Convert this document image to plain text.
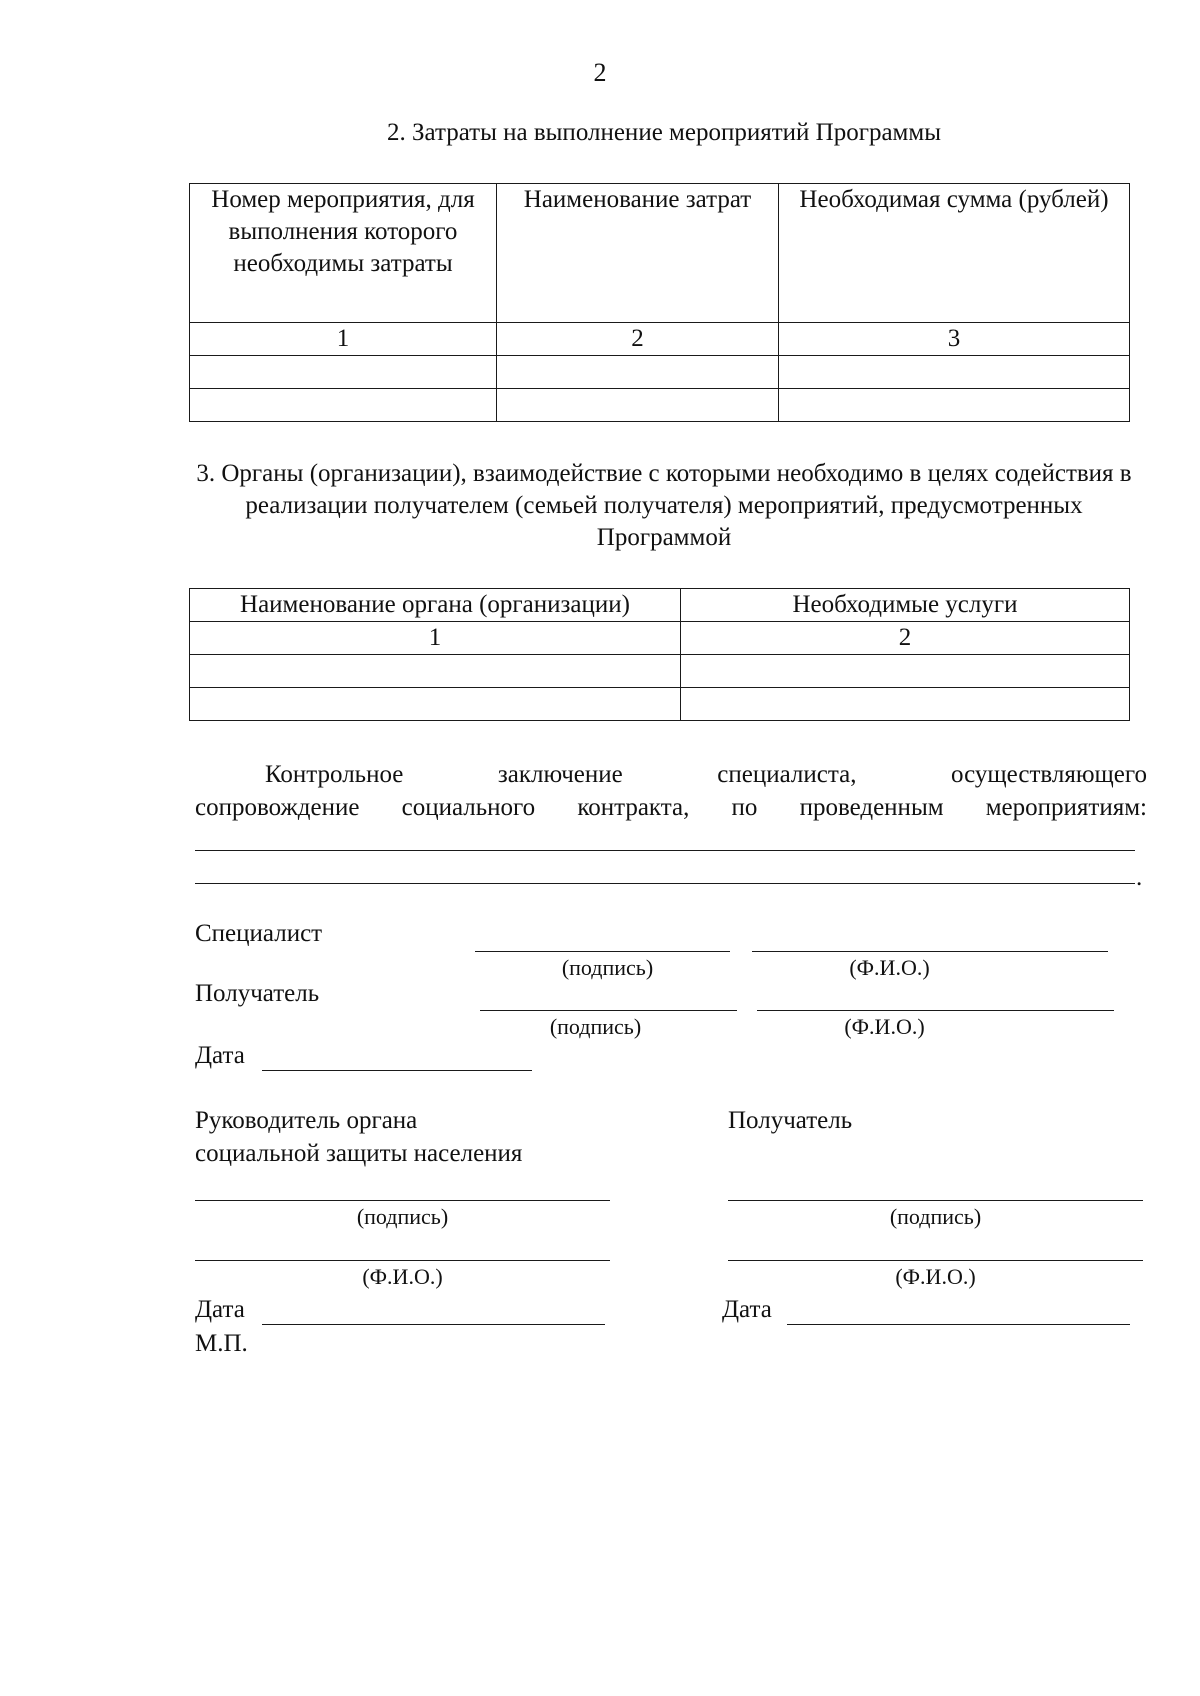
2
2. Затраты на выполнение мероприятий Программы
Номер мероприятия, для выполнения которого необходимы затраты	Наименование затрат	Необходимая сумма (рублей)
1	2	3

3. Органы (организации), взаимодействие с которыми необходимо в целях содействия в реализации получателем (семьей получателя) мероприятий, предусмотренных Программой
Наименование органа (организации)	Необходимые услуги
1	2

Контрольное	заключение	специалиста,	осуществляющего
сопровождение социального контракта, по проведенным мероприятиям:
.
Специалист
(подпись)	(Ф.И.О.)
Получатель
(подпись)	(Ф.И.О.)
Дата
Руководитель органа
социальной защиты населения
Получатель
(подпись)	(подпись)
(Ф.И.О.)	(Ф.И.О.)
Дата	Дата
М.П.
